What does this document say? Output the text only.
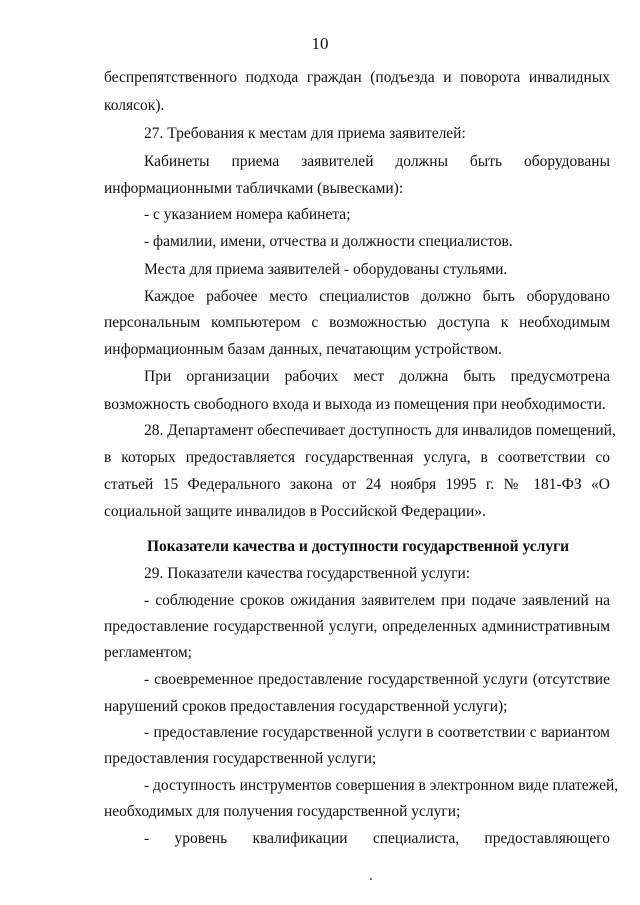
10
беспрепятственного подхода граждан (подъезда и поворота инвалидных
колясок).
27. Требования к местам для приема заявителей:
Кабинеты приема заявителей должны быть оборудованы
информационными табличками (вывесками):
- с указанием номера кабинета;
- фамилии, имени, отчества и должности специалистов.
Места для приема заявителей - оборудованы стульями.
Каждое рабочее место специалистов должно быть оборудовано
персональным компьютером с возможностью доступа к необходимым
информационным базам данных, печатающим устройством.
При организации рабочих мест должна быть предусмотрена
возможность свободного входа и выхода из помещения при необходимости.
28. Департамент обеспечивает доступность для инвалидов помещений,
в которых предоставляется государственная услуга, в соответствии со
статьей 15 Федерального закона от 24 ноября 1995 г. № 181-ФЗ «О
социальной защите инвалидов в Российской Федерации».
Показатели качества и доступности государственной услуги
29. Показатели качества государственной услуги:
- соблюдение сроков ожидания заявителем при подаче заявлений на
предоставление государственной услуги, определенных административным
регламентом;
- своевременное предоставление государственной услуги (отсутствие
нарушений сроков предоставления государственной услуги);
- предоставление государственной услуги в соответствии с вариантом
предоставления государственной услуги;
- доступность инструментов совершения в электронном виде платежей,
необходимых для получения государственной услуги;
- уровень квалификации специалиста, предоставляющего
